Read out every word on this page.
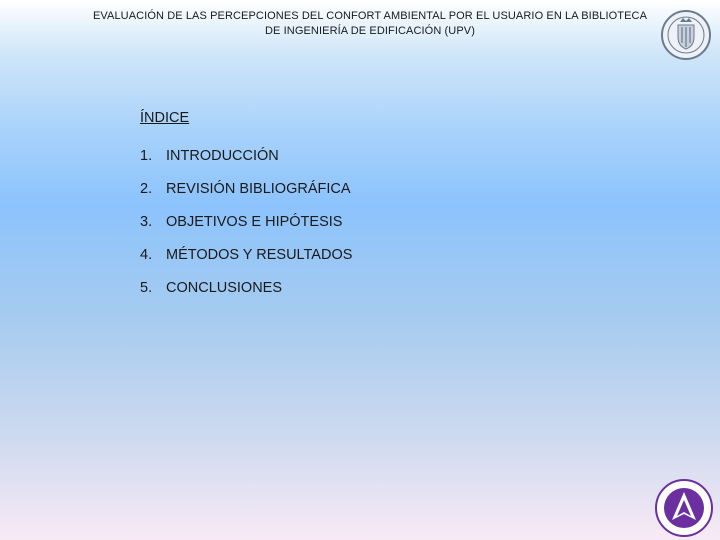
EVALUACIÓN DE LAS PERCEPCIONES DEL CONFORT AMBIENTAL POR EL USUARIO EN LA BIBLIOTECA
DE INGENIERÍA DE EDIFICACIÓN (UPV)
ÍNDICE
1. INTRODUCCIÓN
2. REVISIÓN BIBLIOGRÁFICA
3. OBJETIVOS E HIPÓTESIS
4. MÉTODOS Y RESULTADOS
5. CONCLUSIONES
